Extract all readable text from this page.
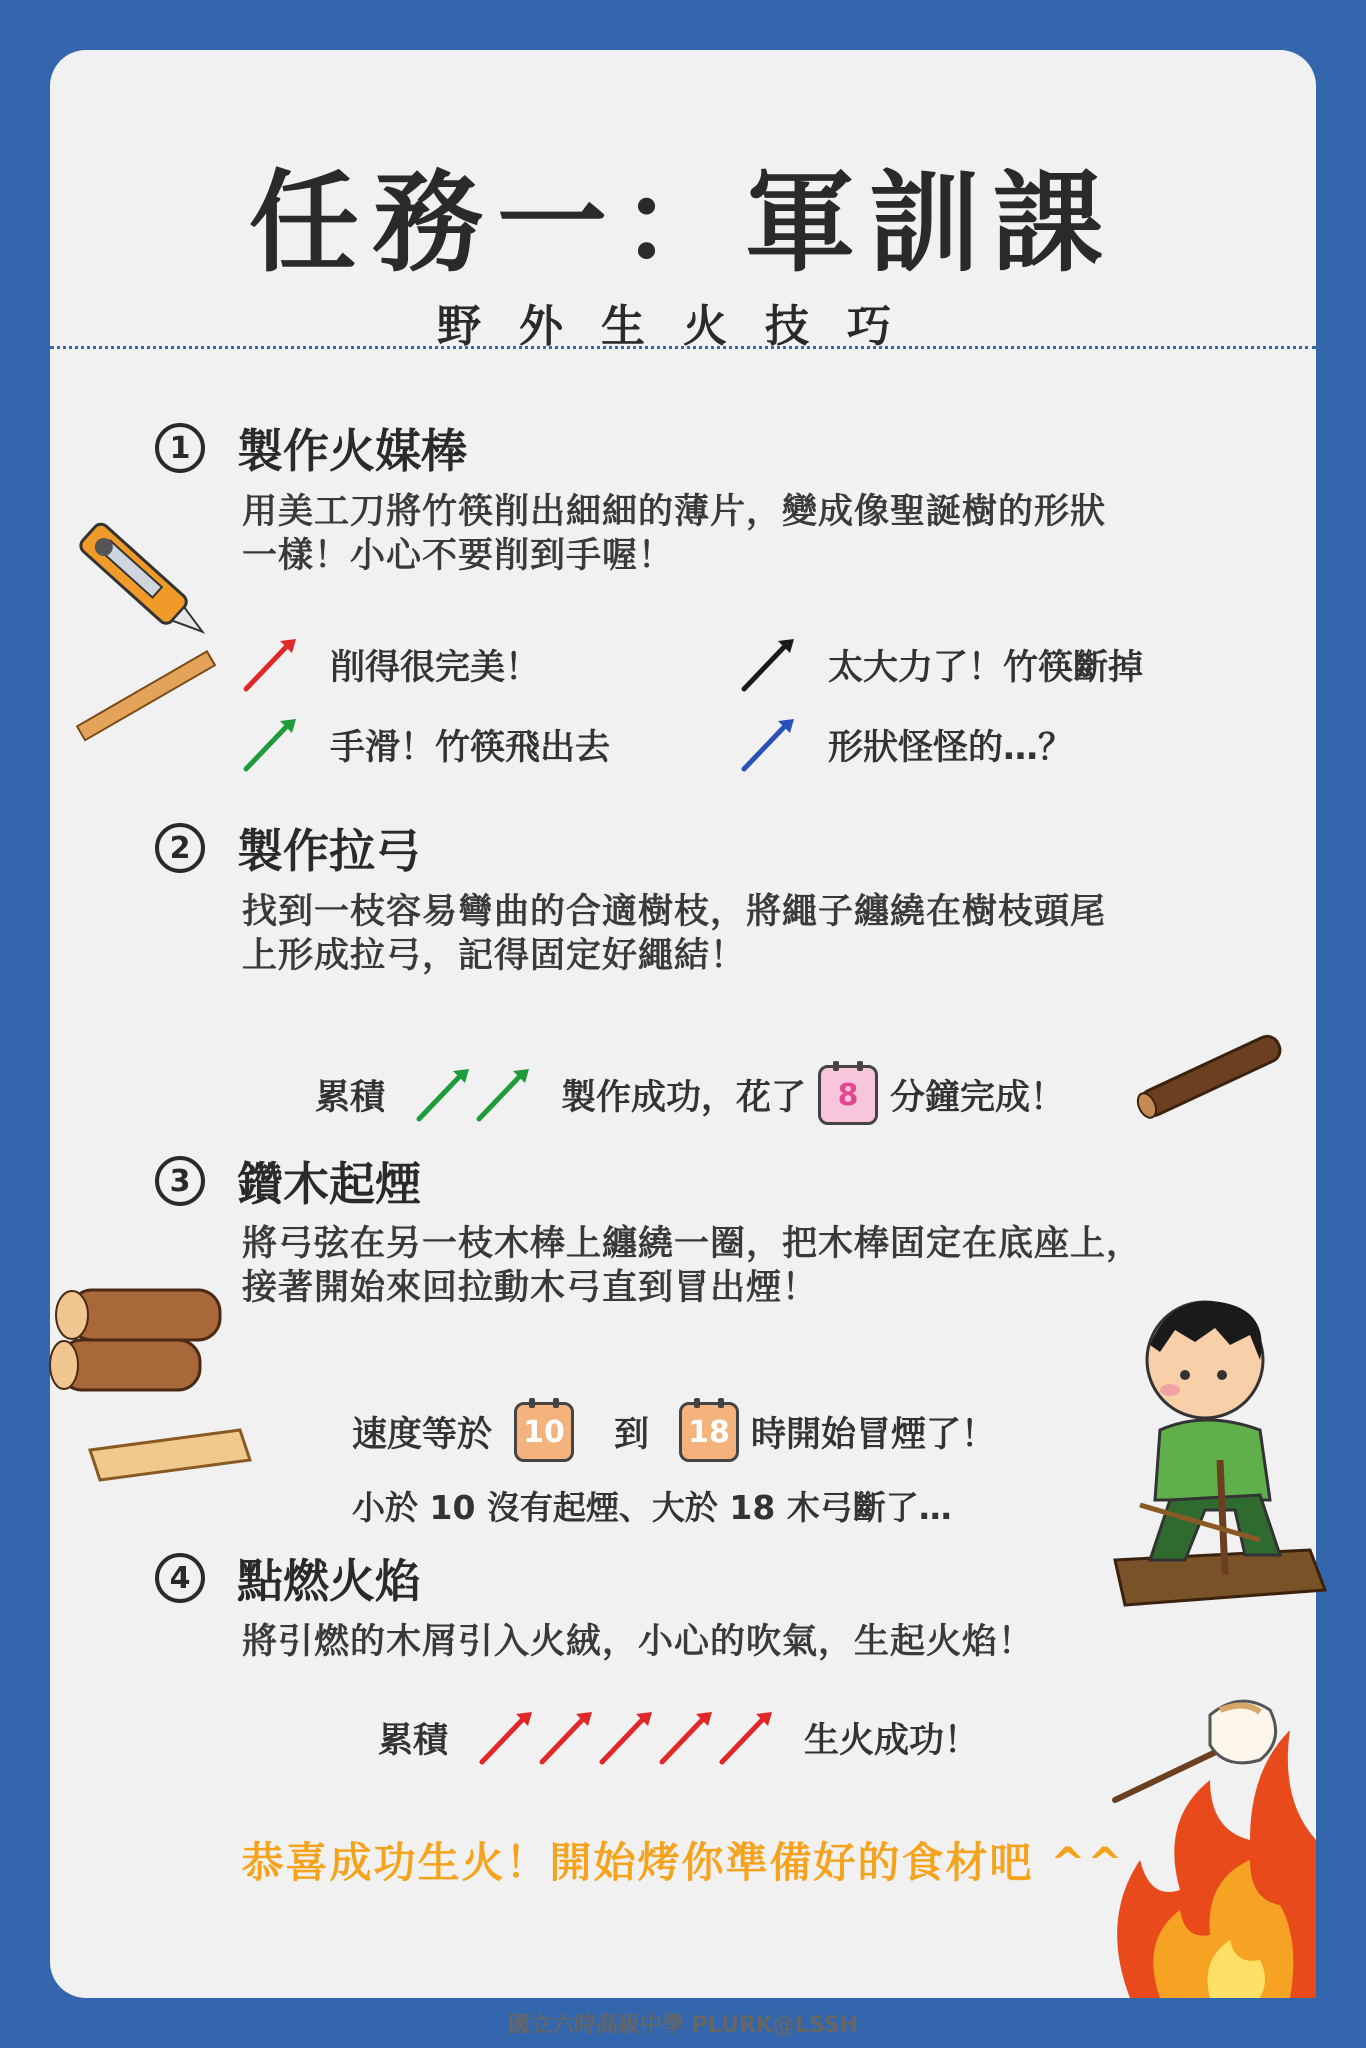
任務一：軍訓課
野外生火技巧
1	製作火媒棒
用美工刀將竹筷削出細細的薄片，變成像聖誕樹的形狀
一樣！小心不要削到手喔！
削得很完美！	太大力了！竹筷斷掉
手滑！竹筷飛出去	形狀怪怪的…？
2	製作拉弓
找到一枝容易彎曲的合適樹枝，將繩子纏繞在樹枝頭尾
上形成拉弓，記得固定好繩結！
累積	製作成功，花了	8 分鐘完成！
3	鑽木起煙
將弓弦在另一枝木棒上纏繞一圈，把木棒固定在底座上，
接著開始來回拉動木弓直到冒出煙！
速度等於	10 到	18 時開始冒煙了！
小於 10 沒有起煙、大於 18 木弓斷了…
4	點燃火焰
將引燃的木屑引入火絨，小心的吹氣，生起火焰！
累積	生火成功！
恭喜成功生火！開始烤你準備好的食材吧 ^^
國立六時高級中學 PLURK@LSSH
